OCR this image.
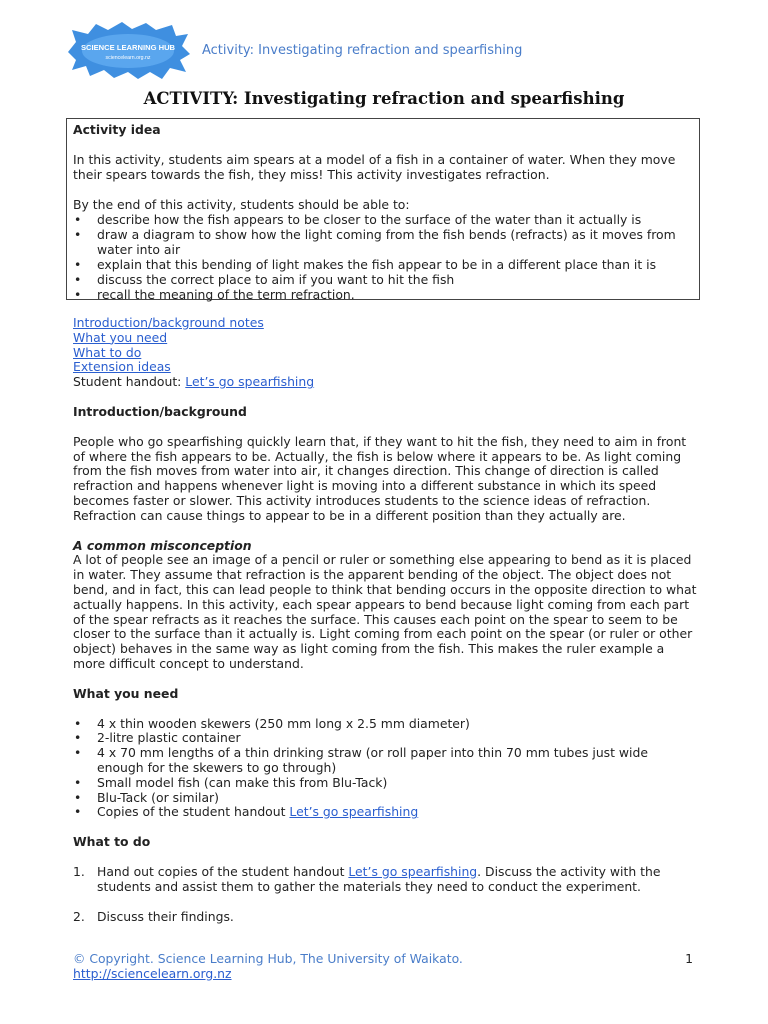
SCIENCE LEARNING HUB
sciencelearn.org.nz	Activity: Investigating refraction and spearfishing
ACTIVITY: Investigating refraction and spearfishing
Activity idea
In this activity, students aim spears at a model of a fish in a container of water. When they move their spears towards the fish, they miss! This activity investigates refraction.
By the end of this activity, students should be able to:
• describe how the fish appears to be closer to the surface of the water than it actually is
• draw a diagram to show how the light coming from the fish bends (refracts) as it moves from water into air
• explain that this bending of light makes the fish appear to be in a different place than it is
• discuss the correct place to aim if you want to hit the fish
• recall the meaning of the term refraction.
Introduction/background notes
What you need
What to do
Extension ideas
Student handout: Let’s go spearfishing
Introduction/background
People who go spearfishing quickly learn that, if they want to hit the fish, they need to aim in front of where the fish appears to be. Actually, the fish is below where it appears to be. As light coming from the fish moves from water into air, it changes direction. This change of direction is called refraction and happens whenever light is moving into a different substance in which its speed becomes faster or slower. This activity introduces students to the science ideas of refraction. Refraction can cause things to appear to be in a different position than they actually are.
A common misconception
A lot of people see an image of a pencil or ruler or something else appearing to bend as it is placed in water. They assume that refraction is the apparent bending of the object. The object does not bend, and in fact, this can lead people to think that bending occurs in the opposite direction to what actually happens. In this activity, each spear appears to bend because light coming from each part of the spear refracts as it reaches the surface. This causes each point on the spear to seem to be closer to the surface than it actually is. Light coming from each point on the spear (or ruler or other object) behaves in the same way as light coming from the fish. This makes the ruler example a more difficult concept to understand.
What you need
• 4 x thin wooden skewers (250 mm long x 2.5 mm diameter)
• 2-litre plastic container
• 4 x 70 mm lengths of a thin drinking straw (or roll paper into thin 70 mm tubes just wide enough for the skewers to go through)
• Small model fish (can make this from Blu-Tack)
• Blu-Tack (or similar)
• Copies of the student handout Let’s go spearfishing
What to do
1. Hand out copies of the student handout Let’s go spearfishing. Discuss the activity with the students and assist them to gather the materials they need to conduct the experiment.
2. Discuss their findings.
© Copyright. Science Learning Hub, The University of Waikato.
http://sciencelearn.org.nz
1
